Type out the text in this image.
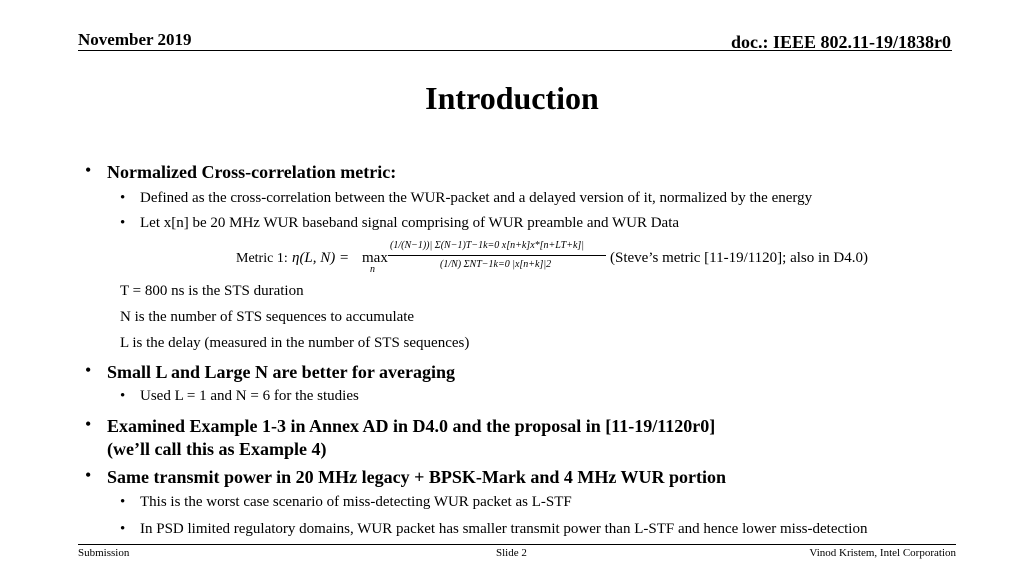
November 2019	doc.: IEEE 802.11-19/1838r0
Introduction
• Normalized Cross-correlation metric:
• Defined as the cross-correlation between the WUR-packet and a delayed version of it, normalized by the energy
• Let x[n] be 20 MHz WUR baseband signal comprising of WUR preamble and WUR Data
Metric 1: η(L, N) = max
n
(1/(N−1))| Σ(N−1)T−1k=0 x[n+k]x*[n+LT+k]|
(1/N) ΣNT−1k=0 |x[n+k]|2	(Steve’s metric [11-19/1120]; also in D4.0)
T = 800 ns is the STS duration
N is the number of STS sequences to accumulate
L is the delay (measured in the number of STS sequences)
• Small L and Large N are better for averaging
• Used L = 1 and N = 6 for the studies
• Examined Example 1-3 in Annex AD in D4.0 and the proposal in [11-19/1120r0]
(we’ll call this as Example 4)
• Same transmit power in 20 MHz legacy + BPSK-Mark and 4 MHz WUR portion
• This is the worst case scenario of miss-detecting WUR packet as L-STF
• In PSD limited regulatory domains, WUR packet has smaller transmit power than L-STF and hence lower miss-detection
Submission	Slide 2	Vinod Kristem, Intel Corporation
